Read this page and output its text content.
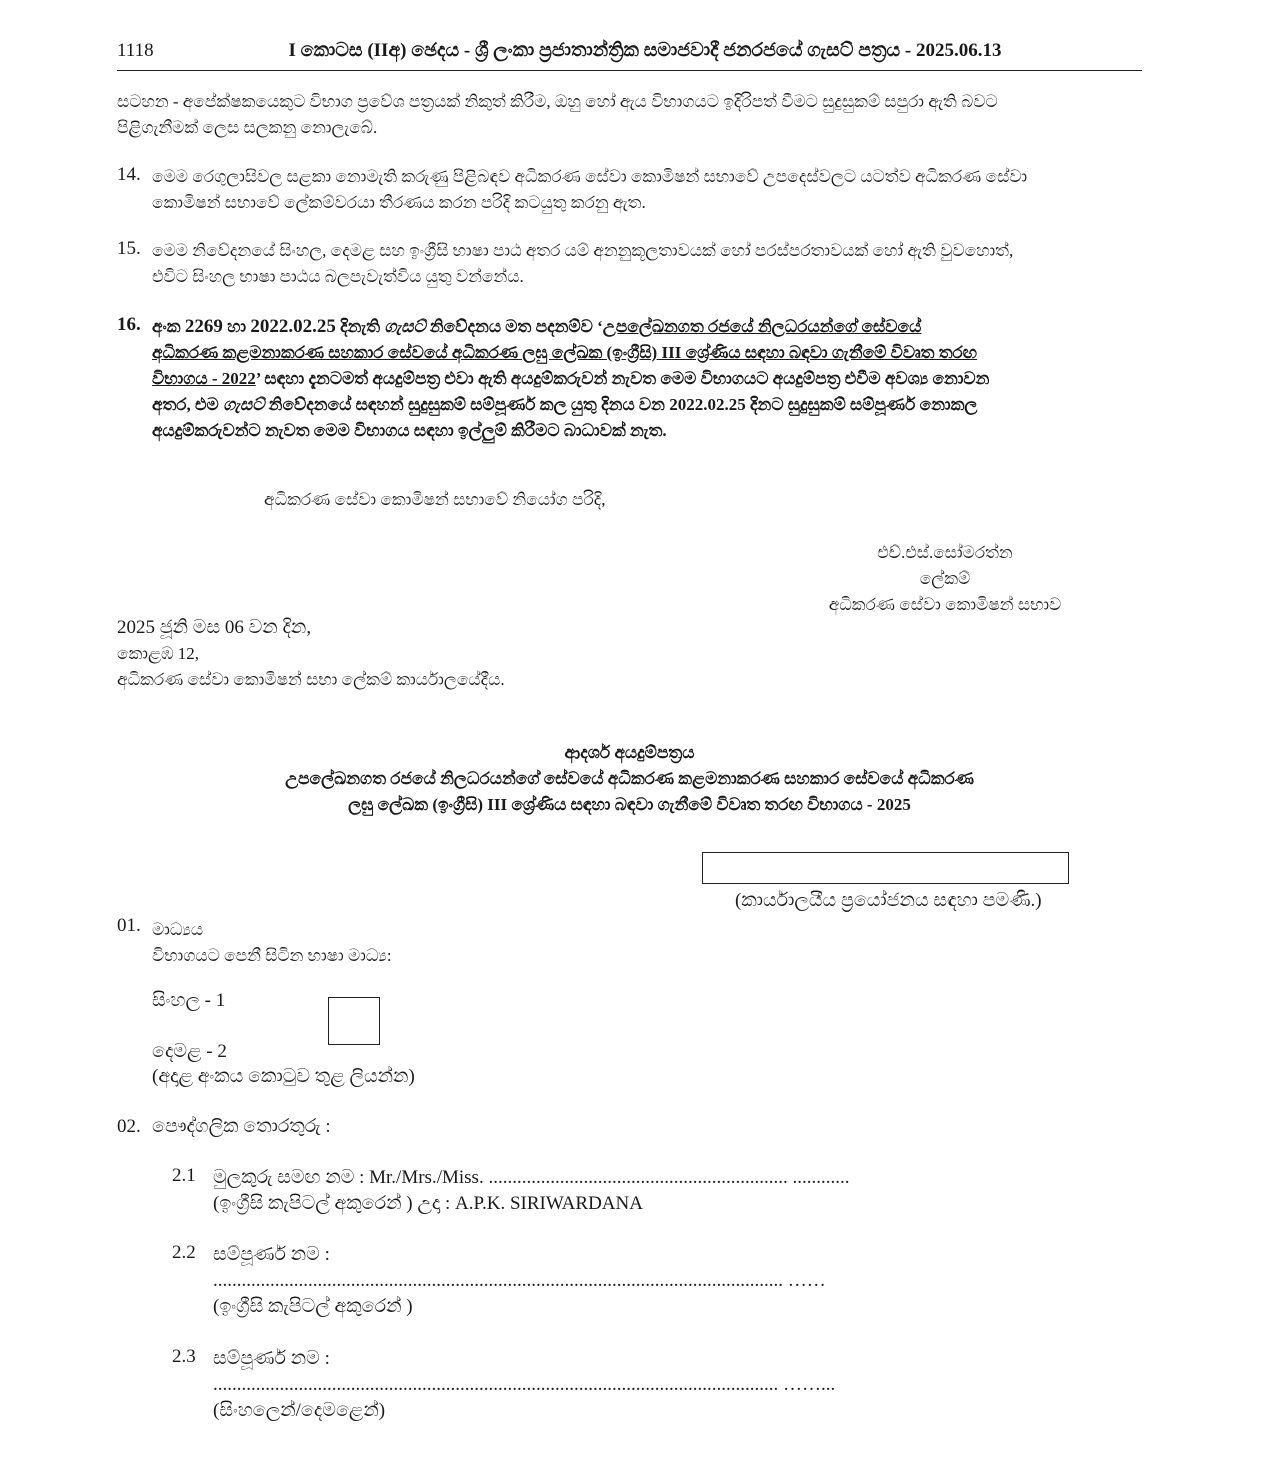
1118	I කොටස (IIඅ) ඡෙදය - ශ්‍රී ලංකා ප්‍රජාතාන්ත්‍රික සමාජවාදී ජනරජයේ ගැසට් පත්‍රය - 2025.06.13
සටහන - අපේක්ෂකයෙකුට විභාග ප්‍රවේශ පත්‍රයක් නිකුත් කිරීම, ඔහු හෝ ඇය විභාගයට ඉදිරිපත් වීමට සුදුසුකම් සපුරා ඇති බවට
පිළිගැනීමක් ලෙස සලකනු නොලැබේ.
14. මෙම රෙගුලාසිවල සළකා නොමැති කරුණු පිළිබඳව අධිකරණ සේවා කොමිෂන් සභාවේ උපදෙස්වලට යටත්ව අධිකරණ සේවා
කොමිෂන් සභාවේ ලේකම්වරයා තීරණය කරන පරිදි කටයුතු කරනු ඇත.
15. මෙම නිවේදනයේ සිංහල, දෙමළ සහ ඉංග්‍රීසි භාෂා පාඨ අතර යම් අනනුකූලතාවයක් හෝ පරස්පරතාවයක් හෝ ඇති වුවහොත්,
එවිට සිංහල භාෂා පාඨය බලපැවැත්විය යුතු වන්නේය.
16. අංක 2269 හා 2022.02.25 දිනැති ගැසට් නිවේදනය මත පදනම්ව ‘උපලේඛනගත රජයේ නිලධරයන්ගේ සේවයේ
අධිකරණ කළමනාකරණ සහකාර සේවයේ අධිකරණ ලඝු ලේඛක (ඉංග්‍රීසි) III ශ්‍රේණිය සඳහා බඳවා ගැනීමේ විවෘත තරඟ
විභාගය - 2022’ සඳහා දැනටමත් අයදුම්පත්‍ර එවා ඇති අයදුම්කරුවන් නැවත මෙම විභාගයට අයදුම්පත්‍ර එවීම අවශ්‍ය නොවන
අතර, එම ගැසට් නිවේදනයේ සඳහන් සුදුසුකම් සම්පූර්ණ කල යුතු දිනය වන 2022.02.25 දිනට සුදුසුකම් සම්පූර්ණ නොකල
අයදුම්කරුවන්ට නැවත මෙම විභාගය සඳහා ඉල්ලුම් කිරීමට බාධාවක් නැත.
අධිකරණ සේවා කොමිෂන් සභාවේ නියෝග පරිදි,
එච්.එස්.සෝමරත්න
ලේකම්
අධිකරණ සේවා කොමිෂන් සභාව
2025 ජූනි මස 06 වන දින,
කොළඹ 12,
අධිකරණ සේවා කොමිෂන් සභා ලේකම් කාර්යාලයේදීය.
ආදර්ශ අයදුම්පත්‍රය
උපලේඛනගත රජයේ නිලධරයන්ගේ සේවයේ අධිකරණ කළමනාකරණ සහකාර සේවයේ අධිකරණ
ලඝු ලේඛක (ඉංග්‍රීසි) III ශ්‍රේණිය සඳහා බඳවා ගැනීමේ විවෘත තරඟ විභාගය - 2025
(කාර්යාලයීය ප්‍රයෝජනය සඳහා පමණි.)
01. මාධ්‍යය
විභාගයට පෙනී සිටින භාෂා මාධ්‍ය:
සිංහල - 1
දෙමළ - 2
(අදාළ අංකය කොටුව තුළ ලියන්න)
02. පෞද්ගලික තොරතුරු :
2.1 මුලකුරු සමඟ නම : Mr./Mrs./Miss. ............................................................... ............
(ඉංග්‍රීසි කැපිටල් අකුරෙන් ) උදා : A.P.K. SIRIWARDANA
2.2 සම්පූර්ණ නම :
........................................................................................................................ ……
(ඉංග්‍රීසි කැපිටල් අකුරෙන් )
2.3 සම්පූර්ණ නම :
....................................................................................................................... ……...
(සිංහලෙන්/දෙමළෙන්)
